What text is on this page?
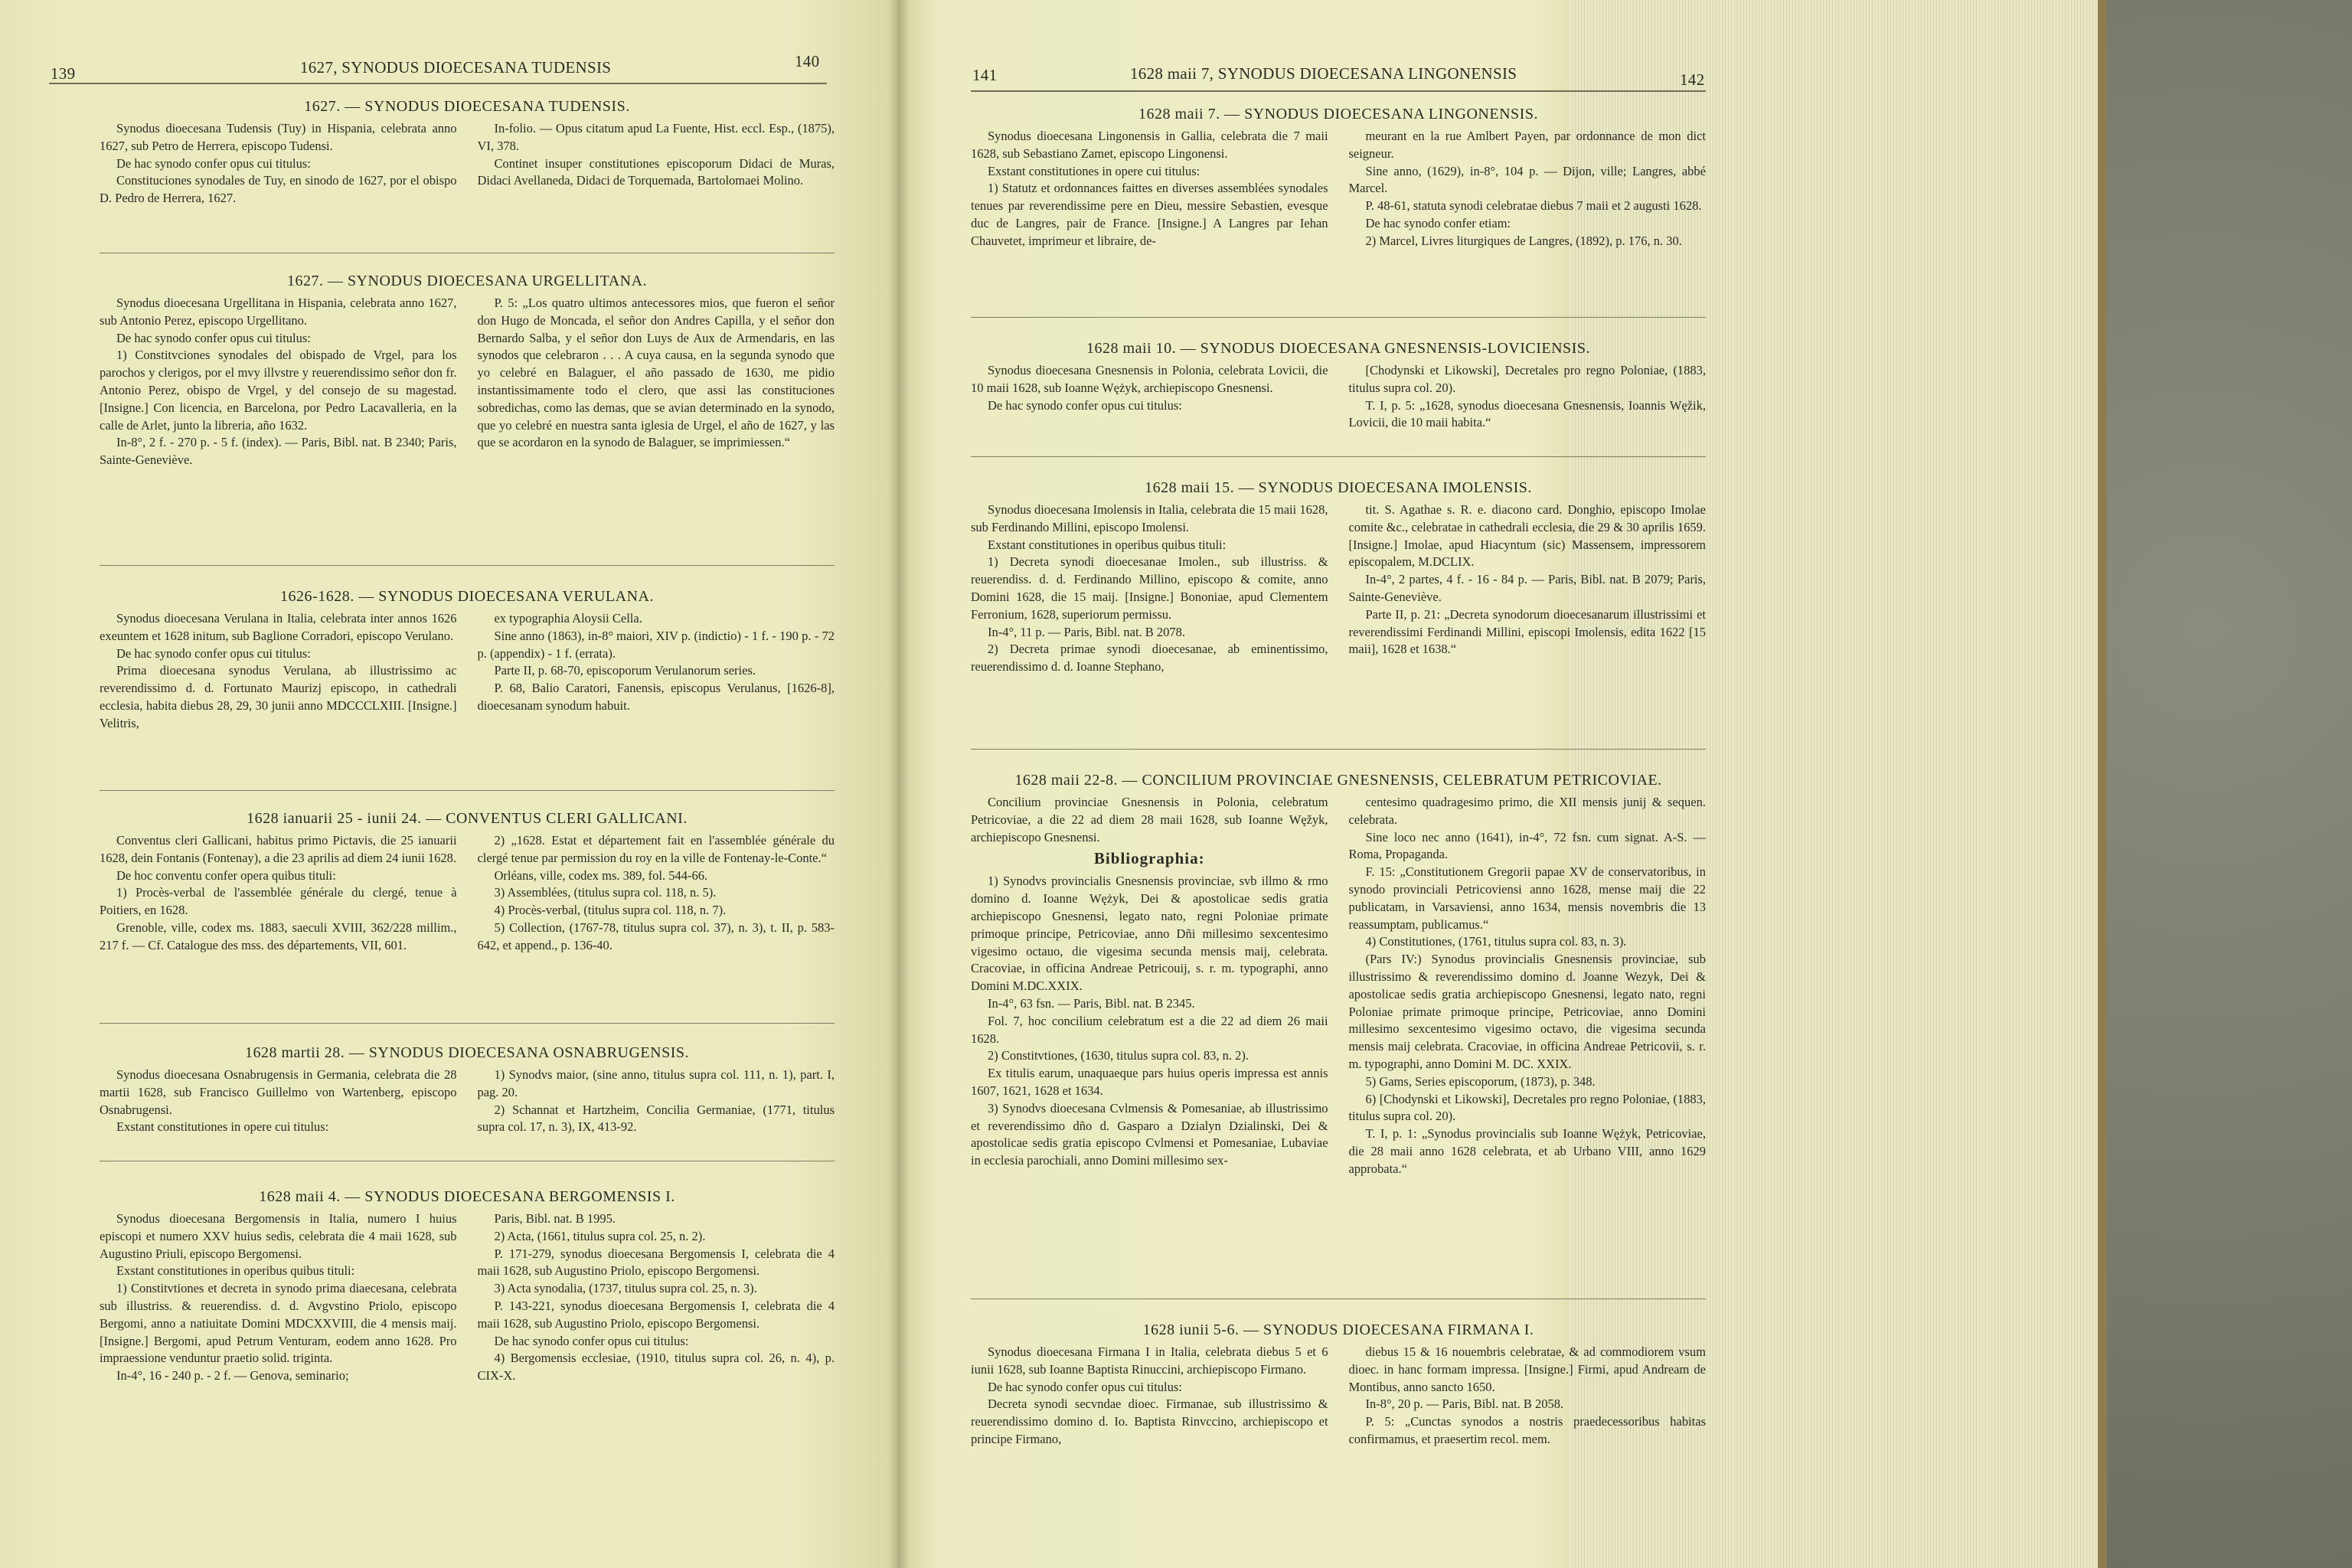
139	1627, SYNODUS DIOECESANA TUDENSIS	140
1627. — SYNODUS DIOECESANA TUDENSIS.

Synodus dioecesana Tudensis (Tuy) in Hispania, celebrata anno 1627, sub Petro de Herrera, episcopo Tudensi.

De hac synodo confer opus cui titulus:

Constituciones synodales de Tuy, en sinodo de 1627, por el obispo D. Pedro de Herrera, 1627.

In-folio. — Opus citatum apud La Fuente, Hist. eccl. Esp., (1875), VI, 378.

Continet insuper constitutiones episcoporum Didaci de Muras, Didaci Avellaneda, Didaci de Torquemada, Bartolomaei Molino.

1627. — SYNODUS DIOECESANA URGELLITANA.

Synodus dioecesana Urgellitana in Hispania, celebrata anno 1627, sub Antonio Perez, episcopo Urgellitano.

De hac synodo confer opus cui titulus:

1) Constitvciones synodales del obispado de Vrgel, para los parochos y clerigos, por el mvy illvstre y reuerendissimo señor don fr. Antonio Perez, obispo de Vrgel, y del consejo de su magestad. [Insigne.] Con licencia, en Barcelona, por Pedro Lacavalleria, en la calle de Arlet, junto la libreria, año 1632.

In-8°, 2 f. - 270 p. - 5 f. (index). — Paris, Bibl. nat. B 2340; Paris, Sainte-Geneviève.

P. 5: „Los quatro ultimos antecessores mios, que fueron el señor don Hugo de Moncada, el señor don Andres Capilla, y el señor don Bernardo Salba, y el señor don Luys de Aux de Armendaris, en las synodos que celebraron . . . A cuya causa, en la segunda synodo que yo celebré en Balaguer, el año passado de 1630, me pidio instantissimamente todo el clero, que assi las constituciones sobredichas, como las demas, que se avian determinado en la synodo, que yo celebré en nuestra santa iglesia de Urgel, el año de 1627, y las que se acordaron en la synodo de Balaguer, se imprimiessen.“

1626-1628. — SYNODUS DIOECESANA VERULANA.

Synodus dioecesana Verulana in Italia, celebrata inter annos 1626 exeuntem et 1628 initum, sub Baglione Corradori, episcopo Verulano.

De hac synodo confer opus cui titulus:

Prima dioecesana synodus Verulana, ab illustrissimo ac reverendissimo d. d. Fortunato Maurizj episcopo, in cathedrali ecclesia, habita diebus 28, 29, 30 junii anno MDCCCLXIII. [Insigne.] Velitris,

ex typographia Aloysii Cella.

Sine anno (1863), in-8° maiori, XIV p. (indictio) - 1 f. - 190 p. - 72 p. (appendix) - 1 f. (errata).

Parte II, p. 68-70, episcoporum Verulanorum series.

P. 68, Balio Caratori, Fanensis, episcopus Verulanus, [1626-8], dioecesanam synodum habuit.

1628 ianuarii 25 - iunii 24. — CONVENTUS CLERI GALLICANI.

Conventus cleri Gallicani, habitus primo Pictavis, die 25 ianuarii 1628, dein Fontanis (Fontenay), a die 23 aprilis ad diem 24 iunii 1628.

De hoc conventu confer opera quibus tituli:

1) Procès-verbal de l'assemblée générale du clergé, tenue à Poitiers, en 1628.

Grenoble, ville, codex ms. 1883, saeculi XVIII, 362/228 millim., 217 f. — Cf. Catalogue des mss. des départements, VII, 601.

2) „1628. Estat et département fait en l'assemblée générale du clergé tenue par permission du roy en la ville de Fontenay-le-Conte.“

Orléans, ville, codex ms. 389, fol. 544-66.

3) Assemblées, (titulus supra col. 118, n. 5).

4) Procès-verbal, (titulus supra col. 118, n. 7).

5) Collection, (1767-78, titulus supra col. 37), n. 3), t. II, p. 583-642, et append., p. 136-40.

1628 martii 28. — SYNODUS DIOECESANA OSNABRUGENSIS.

Synodus dioecesana Osnabrugensis in Germania, celebrata die 28 martii 1628, sub Francisco Guillelmo von Wartenberg, episcopo Osnabrugensi.

Exstant constitutiones in opere cui titulus:

1) Synodvs maior, (sine anno, titulus supra col. 111, n. 1), part. I, pag. 20.

2) Schannat et Hartzheim, Concilia Germaniae, (1771, titulus supra col. 17, n. 3), IX, 413-92.

1628 maii 4. — SYNODUS DIOECESANA BERGOMENSIS I.

Synodus dioecesana Bergomensis in Italia, numero I huius episcopi et numero XXV huius sedis, celebrata die 4 maii 1628, sub Augustino Priuli, episcopo Bergomensi.

Exstant constitutiones in operibus quibus tituli:

1) Constitvtiones et decreta in synodo prima diaecesana, celebrata sub illustriss. & reuerendiss. d. d. Avgvstino Priolo, episcopo Bergomi, anno a natiuitate Domini MDCXXVIII, die 4 mensis maij. [Insigne.] Bergomi, apud Petrum Venturam, eodem anno 1628. Pro impraessione venduntur praetio solid. triginta.

In-4°, 16 - 240 p. - 2 f. — Genova, seminario;

Paris, Bibl. nat. B 1995.

2) Acta, (1661, titulus supra col. 25, n. 2).

P. 171-279, synodus dioecesana Bergomensis I, celebrata die 4 maii 1628, sub Augustino Priolo, episcopo Bergomensi.

3) Acta synodalia, (1737, titulus supra col. 25, n. 3).

P. 143-221, synodus dioecesana Bergomensis I, celebrata die 4 maii 1628, sub Augustino Priolo, episcopo Bergomensi.

De hac synodo confer opus cui titulus:

4) Bergomensis ecclesiae, (1910, titulus supra col. 26, n. 4), p. CIX-X.

141	1628 maii 7, SYNODUS DIOECESANA LINGONENSIS	142
1628 maii 7. — SYNODUS DIOECESANA LINGONENSIS.

Synodus dioecesana Lingonensis in Gallia, celebrata die 7 maii 1628, sub Sebastiano Zamet, episcopo Lingonensi.

Exstant constitutiones in opere cui titulus:

1) Statutz et ordonnances faittes en diverses assemblées synodales tenues par reverendissime pere en Dieu, messire Sebastien, evesque duc de Langres, pair de France. [Insigne.] A Langres par Iehan Chauvetet, imprimeur et libraire, de-

meurant en la rue Amlbert Payen, par ordonnance de mon dict seigneur.

Sine anno, (1629), in-8°, 104 p. — Dijon, ville; Langres, abbé Marcel.

P. 48-61, statuta synodi celebratae diebus 7 maii et 2 augusti 1628.

De hac synodo confer etiam:

2) Marcel, Livres liturgiques de Langres, (1892), p. 176, n. 30.

1628 maii 10. — SYNODUS DIOECESANA GNESNENSIS-LOVICIENSIS.

Synodus dioecesana Gnesnensis in Polonia, celebrata Lovicii, die 10 maii 1628, sub Ioanne Wężyk, archiepiscopo Gnesnensi.

De hac synodo confer opus cui titulus:

[Chodynski et Likowski], Decretales pro regno Poloniae, (1883, titulus supra col. 20).

T. I, p. 5: „1628, synodus dioecesana Gnesnensis, Ioannis Węžik, Lovicii, die 10 maii habita.“

1628 maii 15. — SYNODUS DIOECESANA IMOLENSIS.

Synodus dioecesana Imolensis in Italia, celebrata die 15 maii 1628, sub Ferdinando Millini, episcopo Imolensi.

Exstant constitutiones in operibus quibus tituli:

1) Decreta synodi dioecesanae Imolen., sub illustriss. & reuerendiss. d. d. Ferdinando Millino, episcopo & comite, anno Domini 1628, die 15 maij. [Insigne.] Bononiae, apud Clementem Ferronium, 1628, superiorum permissu.

In-4°, 11 p. — Paris, Bibl. nat. B 2078.

2) Decreta primae synodi dioecesanae, ab eminentissimo, reuerendissimo d. d. Ioanne Stephano,

tit. S. Agathae s. R. e. diacono card. Donghio, episcopo Imolae comite &c., celebratae in cathedrali ecclesia, die 29 & 30 aprilis 1659. [Insigne.] Imolae, apud Hiacyntum (sic) Massensem, impressorem episcopalem, M.DCLIX.

In-4°, 2 partes, 4 f. - 16 - 84 p. — Paris, Bibl. nat. B 2079; Paris, Sainte-Geneviève.

Parte II, p. 21: „Decreta synodorum dioecesanarum illustrissimi et reverendissimi Ferdinandi Millini, episcopi Imolensis, edita 1622 [15 maii], 1628 et 1638.“

1628 maii 22-8. — CONCILIUM PROVINCIAE GNESNENSIS, CELEBRATUM PETRICOVIAE.

Concilium provinciae Gnesnensis in Polonia, celebratum Petricoviae, a die 22 ad diem 28 maii 1628, sub Ioanne Węžyk, archiepiscopo Gnesnensi.

Bibliographia:

1) Synodvs provincialis Gnesnensis provinciae, svb illmo & rmo domino d. Ioanne Wężyk, Dei & apostolicae sedis gratia archiepiscopo Gnesnensi, legato nato, regni Poloniae primate primoque principe, Petricoviae, anno Dñi millesimo sexcentesimo vigesimo octauo, die vigesima secunda mensis maij, celebrata. Cracoviae, in officina Andreae Petricouij, s. r. m. typographi, anno Domini M.DC.XXIX.

In-4°, 63 fsn. — Paris, Bibl. nat. B 2345.

Fol. 7, hoc concilium celebratum est a die 22 ad diem 26 maii 1628.

2) Constitvtiones, (1630, titulus supra col. 83, n. 2).

Ex titulis earum, unaquaeque pars huius operis impressa est annis 1607, 1621, 1628 et 1634.

3) Synodvs dioecesana Cvlmensis & Pomesaniae, ab illustrissimo et reverendissimo dño d. Gasparo a Dzialyn Dzialinski, Dei & apostolicae sedis gratia episcopo Cvlmensi et Pomesaniae, Lubaviae in ecclesia parochiali, anno Domini millesimo sex-

centesimo quadragesimo primo, die XII mensis junij & sequen. celebrata.

Sine loco nec anno (1641), in-4°, 72 fsn. cum signat. A-S. — Roma, Propaganda.

F. 15: „Constitutionem Gregorii papae XV de conservatoribus, in synodo provinciali Petricoviensi anno 1628, mense maij die 22 publicatam, in Varsaviensi, anno 1634, mensis novembris die 13 reassumptam, publicamus.“

4) Constitutiones, (1761, titulus supra col. 83, n. 3).

(Pars IV:) Synodus provincialis Gnesnensis provinciae, sub illustrissimo & reverendissimo domino d. Joanne Wezyk, Dei & apostolicae sedis gratia archiepiscopo Gnesnensi, legato nato, regni Poloniae primate primoque principe, Petricoviae, anno Domini millesimo sexcentesimo vigesimo octavo, die vigesima secunda mensis maij celebrata. Cracoviae, in officina Andreae Petricovii, s. r. m. typographi, anno Domini M. DC. XXIX.

5) Gams, Series episcoporum, (1873), p. 348.

6) [Chodynski et Likowski], Decretales pro regno Poloniae, (1883, titulus supra col. 20).

T. I, p. 1: „Synodus provincialis sub Ioanne Wężyk, Petricoviae, die 28 maii anno 1628 celebrata, et ab Urbano VIII, anno 1629 approbata.“

1628 iunii 5-6. — SYNODUS DIOECESANA FIRMANA I.

Synodus dioecesana Firmana I in Italia, celebrata diebus 5 et 6 iunii 1628, sub Ioanne Baptista Rinuccini, archiepiscopo Firmano.

De hac synodo confer opus cui titulus:

Decreta synodi secvndae dioec. Firmanae, sub illustrissimo & reuerendissimo domino d. Io. Baptista Rinvccino, archiepiscopo et principe Firmano,

diebus 15 & 16 nouembris celebratae, & ad commodiorem vsum dioec. in hanc formam impressa. [Insigne.] Firmi, apud Andream de Montibus, anno sancto 1650.

In-8°, 20 p. — Paris, Bibl. nat. B 2058.

P. 5: „Cunctas synodos a nostris praedecessoribus habitas confirmamus, et praesertim recol. mem.
